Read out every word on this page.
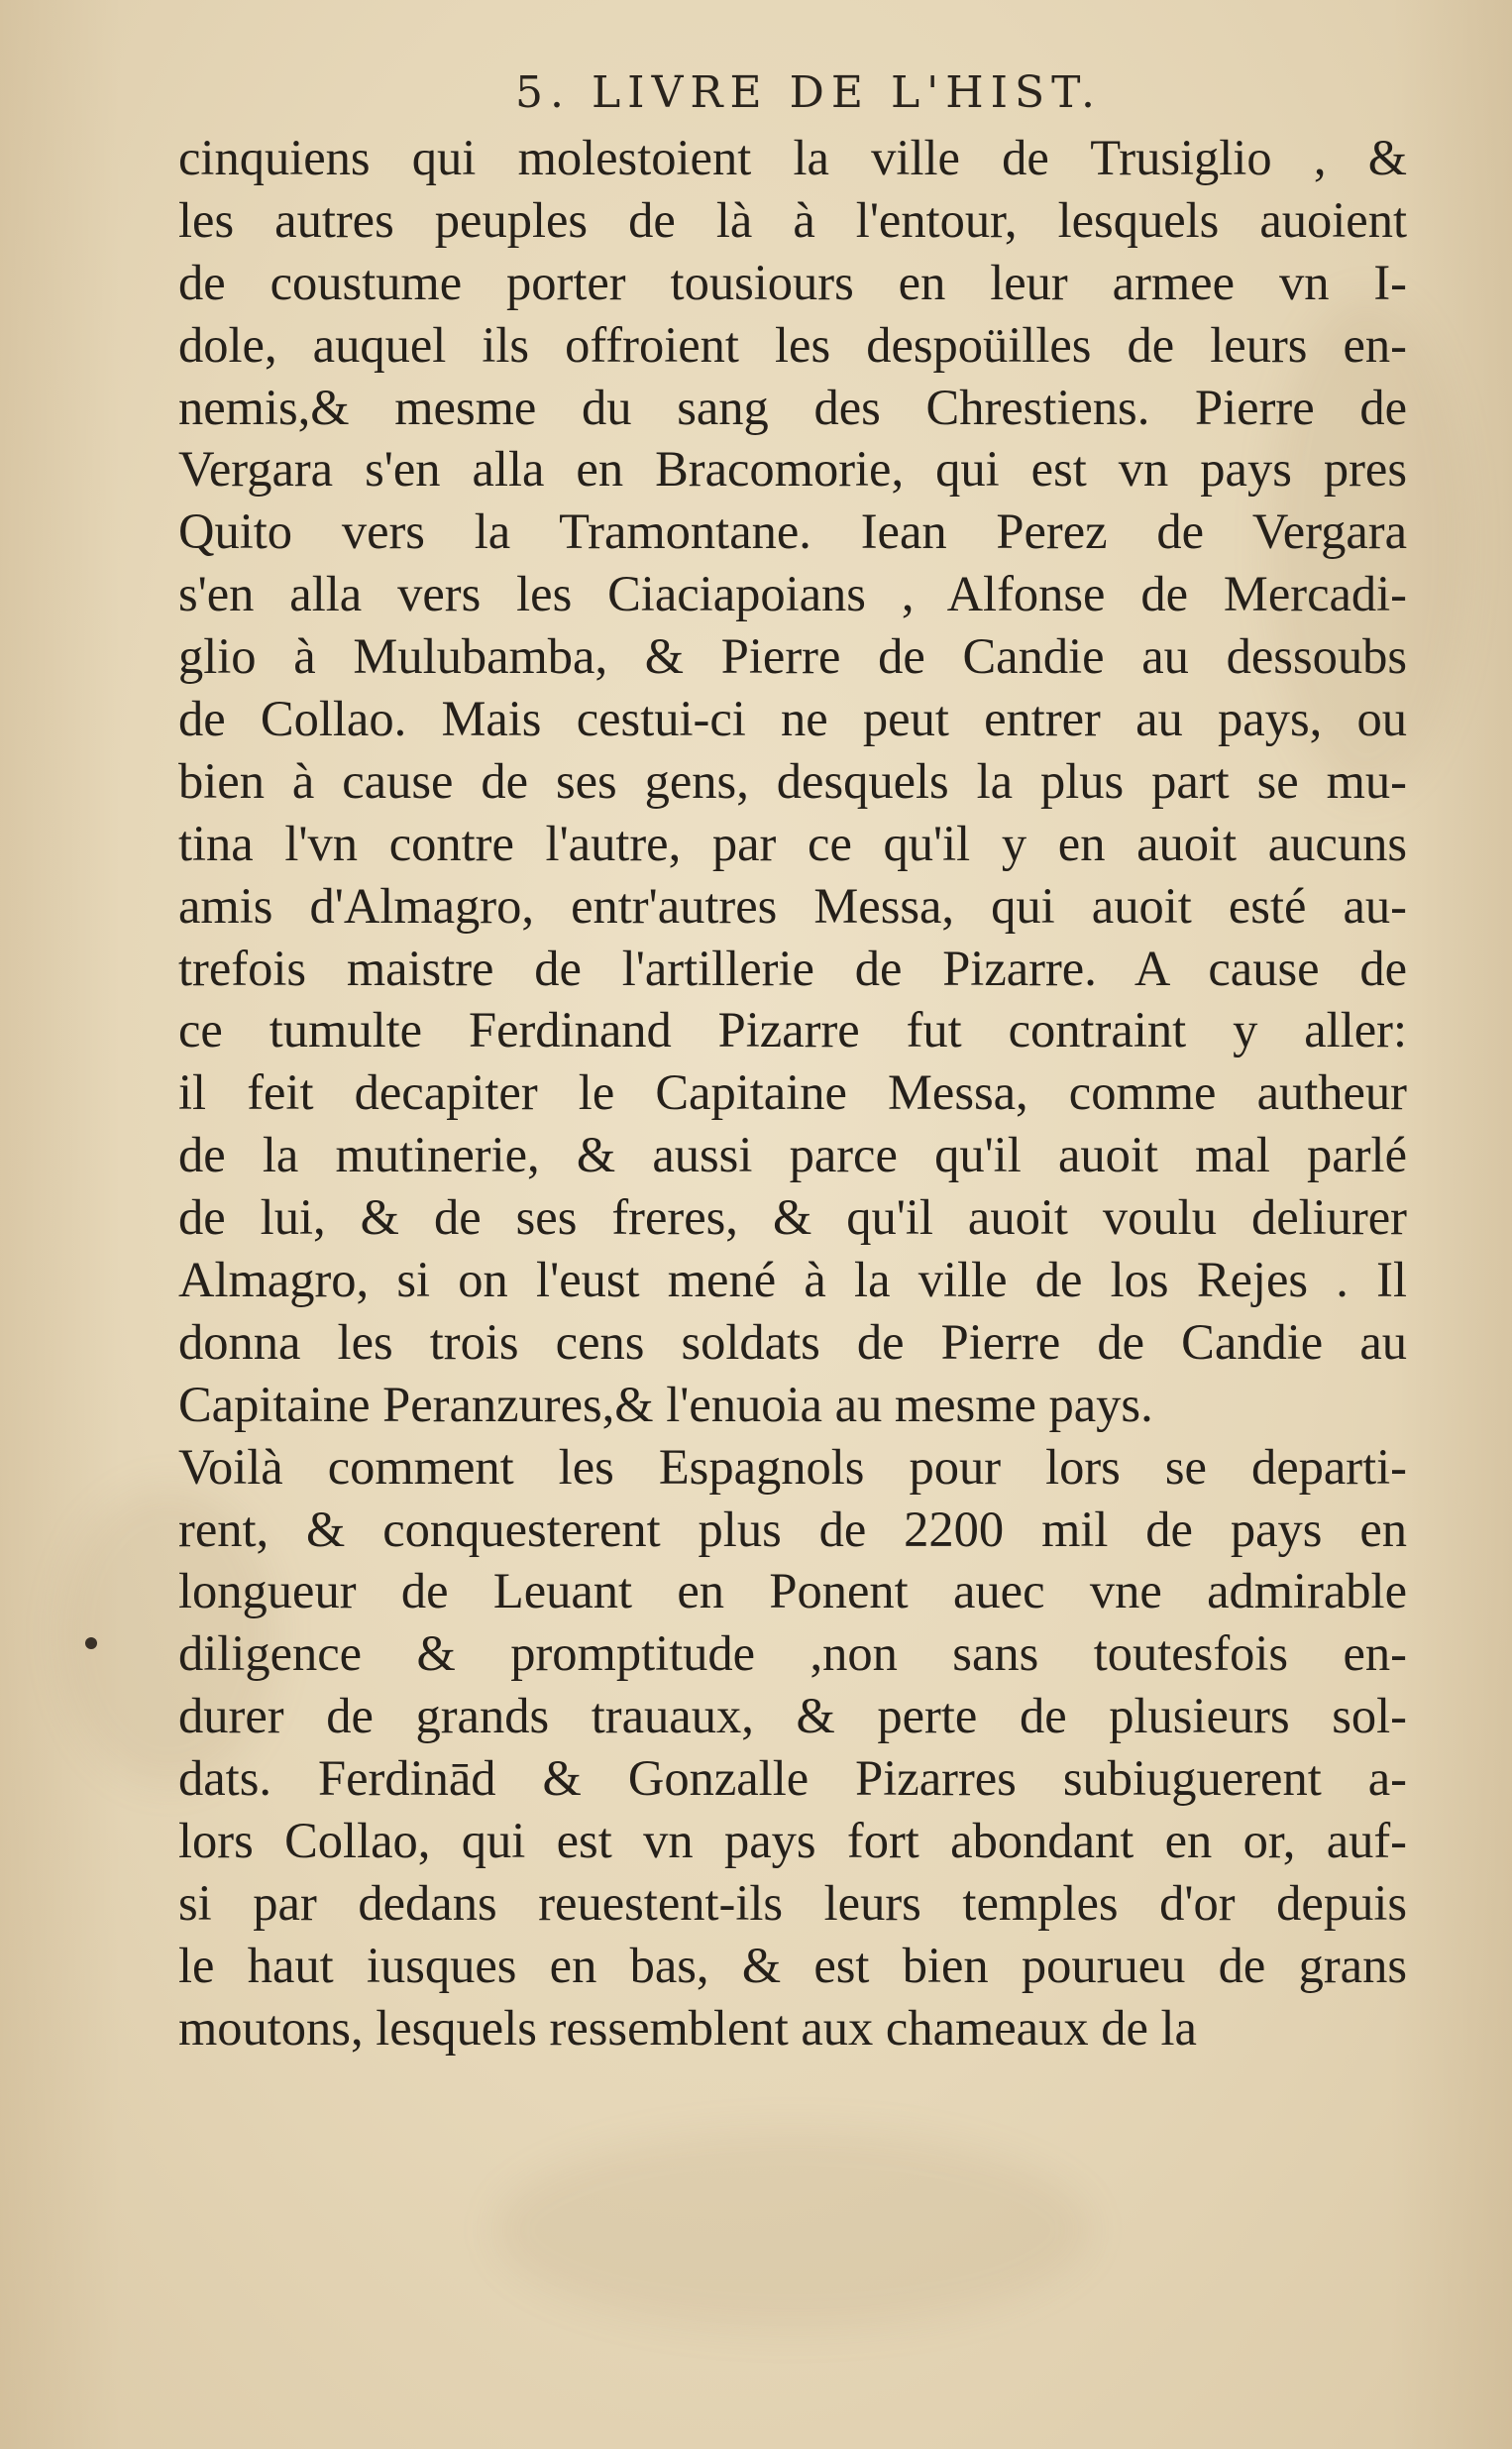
5. LIVRE DE L'HIST.
cinquiens qui molestoient la ville de Trusiglio , &
les autres peuples de là à l'entour, lesquels auoient
de coustume porter tousiours en leur armee vn I-
dole, auquel ils offroient les despoüilles de leurs en-
nemis,& mesme du sang des Chrestiens. Pierre de
Vergara s'en alla en Bracomorie, qui est vn pays pres
Quito vers la Tramontane. Iean Perez de Vergara
s'en alla vers les Ciaciapoians , Alfonse de Mercadi-
glio à Mulubamba, & Pierre de Candie au dessoubs
de Collao. Mais cestui-ci ne peut entrer au pays, ou
bien à cause de ses gens, desquels la plus part se mu-
tina l'vn contre l'autre, par ce qu'il y en auoit aucuns
amis d'Almagro, entr'autres Messa, qui auoit esté au-
trefois maistre de l'artillerie de Pizarre. A cause de
ce tumulte Ferdinand Pizarre fut contraint y aller:
il feit decapiter le Capitaine Messa, comme autheur
de la mutinerie, & aussi parce qu'il auoit mal parlé
de lui, & de ses freres, & qu'il auoit voulu deliurer
Almagro, si on l'eust mené à la ville de los Rejes . Il
donna les trois cens soldats de Pierre de Candie au
Capitaine Peranzures,& l'enuoia au mesme pays.
Voilà comment les Espagnols pour lors se departi-
rent, & conquesterent plus de 2200 mil de pays en
longueur de Leuant en Ponent auec vne admirable
diligence & promptitude ,non sans toutesfois en-
durer de grands trauaux, & perte de plusieurs sol-
dats. Ferdinād & Gonzalle Pizarres subiuguerent a-
lors Collao, qui est vn pays fort abondant en or, auf-
si par dedans reuestent-ils leurs temples d'or depuis
le haut iusques en bas, & est bien pourueu de grans
moutons, lesquels ressemblent aux chameaux de la
